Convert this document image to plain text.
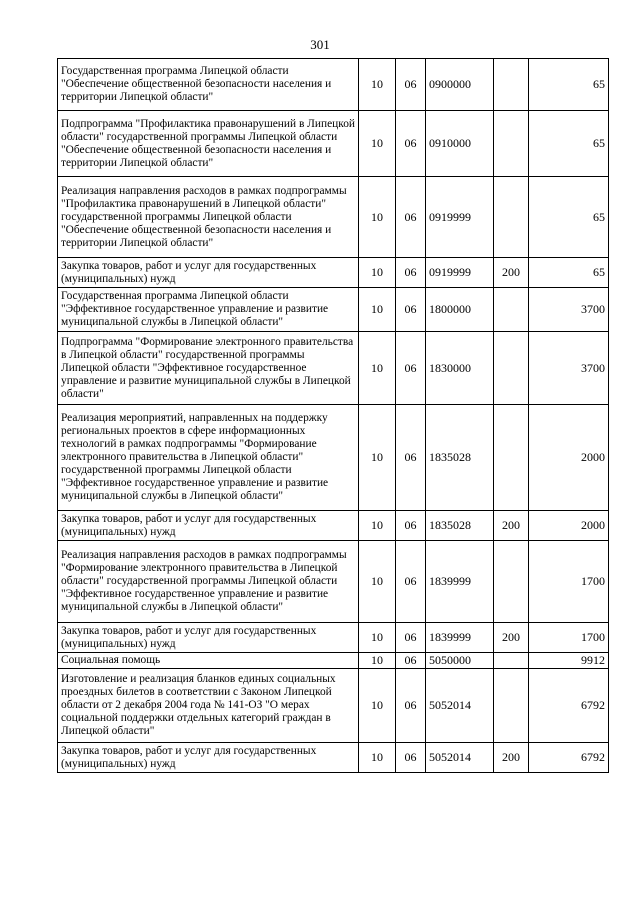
301
Государственная программа Липецкой области "Обеспечение общественной безопасности населения и территории Липецкой области"	10	06	0900000		65
Подпрограмма "Профилактика правонарушений в Липецкой области" государственной программы Липецкой области "Обеспечение общественной безопасности населения и территории Липецкой области"	10	06	0910000		65
Реализация направления расходов в рамках подпрограммы "Профилактика правонарушений в Липецкой области" государственной программы Липецкой области "Обеспечение общественной безопасности населения и территории Липецкой области"	10	06	0919999		65
Закупка товаров, работ и услуг для государственных (муниципальных) нужд	10	06	0919999	200	65
Государственная программа Липецкой области "Эффективное государственное управление и развитие муниципальной службы в Липецкой области"	10	06	1800000		3700
Подпрограмма "Формирование электронного правительства в Липецкой области" государственной программы Липецкой области "Эффективное государственное управление и развитие муниципальной службы в Липецкой области"	10	06	1830000		3700
Реализация мероприятий, направленных на поддержку региональных проектов в сфере информационных технологий в рамках подпрограммы "Формирование электронного правительства в Липецкой области" государственной программы Липецкой области "Эффективное государственное управление и развитие муниципальной службы в Липецкой области"	10	06	1835028		2000
Закупка товаров, работ и услуг для государственных (муниципальных) нужд	10	06	1835028	200	2000
Реализация направления расходов в рамках подпрограммы "Формирование электронного правительства в Липецкой области" государственной программы Липецкой области "Эффективное государственное управление и развитие муниципальной службы в Липецкой области"	10	06	1839999		1700
Закупка товаров, работ и услуг для государственных (муниципальных) нужд	10	06	1839999	200	1700
Социальная помощь	10	06	5050000		9912
Изготовление и реализация бланков единых социальных проездных билетов в соответствии с Законом Липецкой области от 2 декабря 2004 года № 141-ОЗ "О мерах социальной поддержки отдельных категорий граждан в Липецкой области"	10	06	5052014		6792
Закупка товаров, работ и услуг для государственных (муниципальных) нужд	10	06	5052014	200	6792
